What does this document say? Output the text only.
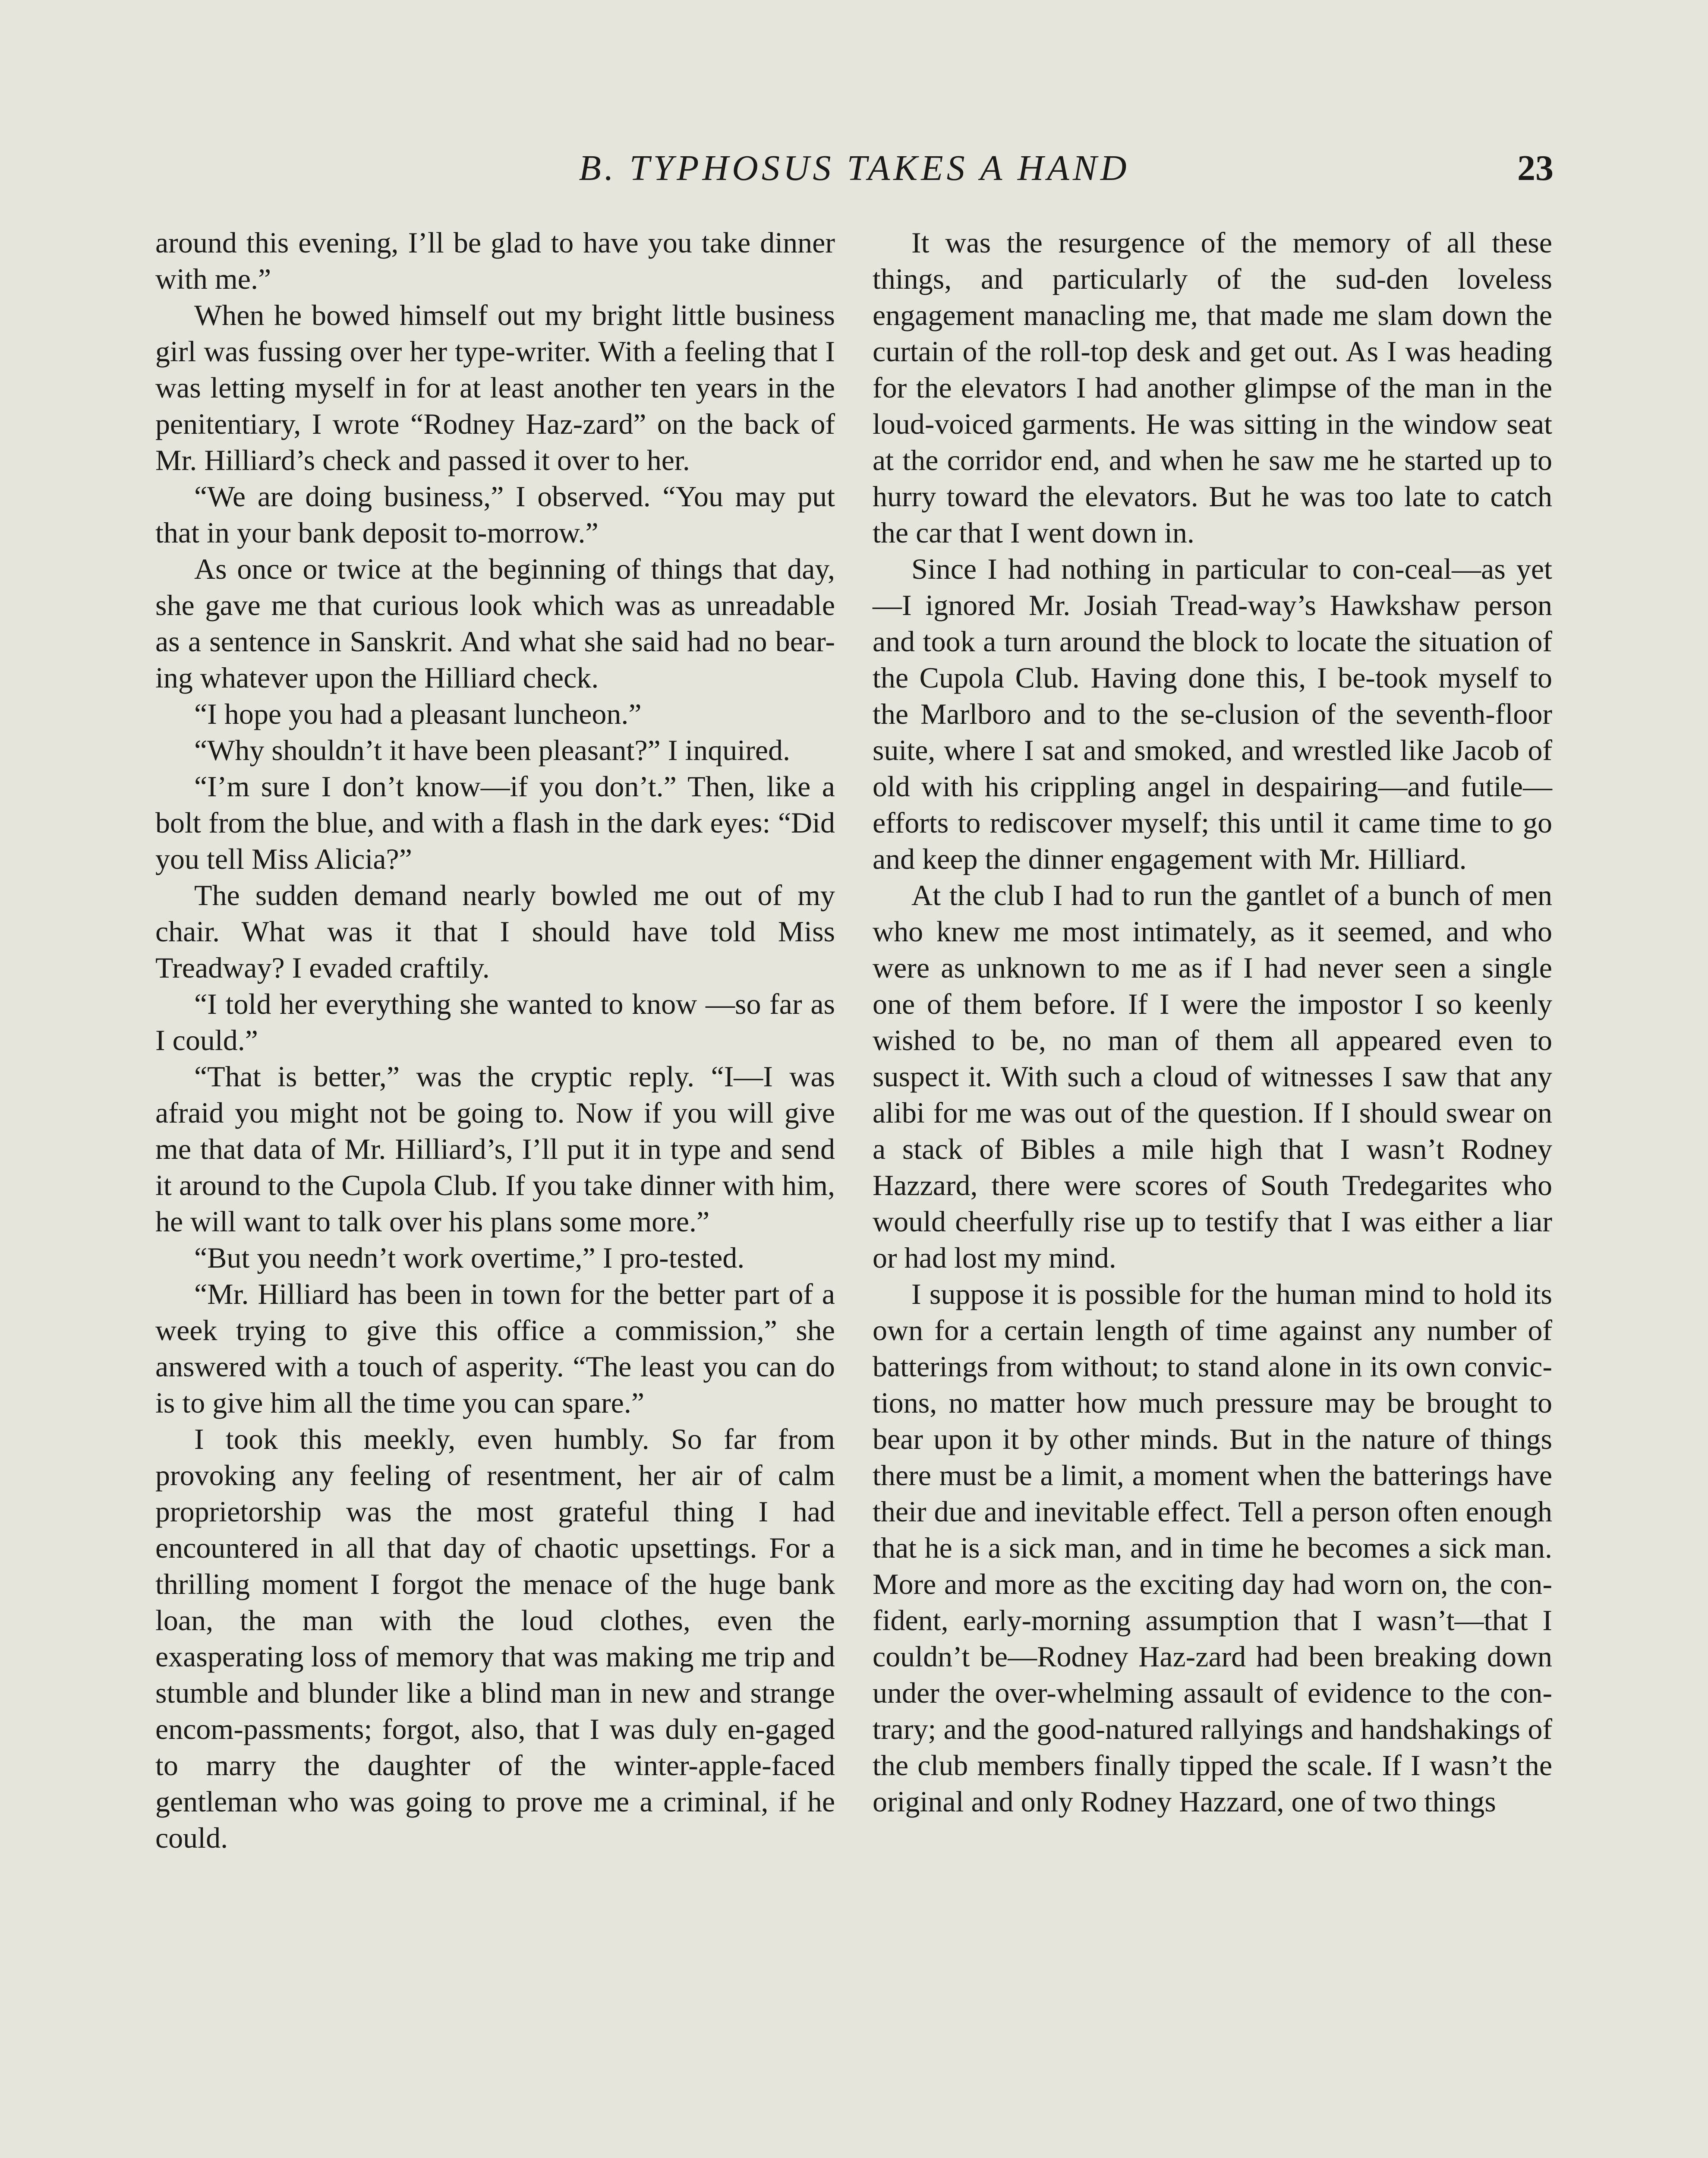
B. TYPHOSUS TAKES A HAND	23

around this evening, I’ll be glad to have you take dinner with me.”

When he bowed himself out my bright little business girl was fussing over her type-writer. With a feeling that I was letting myself in for at least another ten years in the penitentiary, I wrote “Rodney Haz-zard” on the back of Mr. Hilliard’s check and passed it over to her.

“We are doing business,” I observed. “You may put that in your bank deposit to-morrow.”

As once or twice at the beginning of things that day, she gave me that curious look which was as unreadable as a sentence in Sanskrit. And what she said had no bear-ing whatever upon the Hilliard check.

“I hope you had a pleasant luncheon.”

“Why shouldn’t it have been pleasant?” I inquired.

“I’m sure I don’t know—if you don’t.” Then, like a bolt from the blue, and with a flash in the dark eyes: “Did you tell Miss Alicia?”

The sudden demand nearly bowled me out of my chair. What was it that I should have told Miss Treadway? I evaded craftily.

“I told her everything she wanted to know —so far as I could.”

“That is better,” was the cryptic reply. “I—I was afraid you might not be going to. Now if you will give me that data of Mr. Hilliard’s, I’ll put it in type and send it around to the Cupola Club. If you take dinner with him, he will want to talk over his plans some more.”

“But you needn’t work overtime,” I pro-tested.

“Mr. Hilliard has been in town for the better part of a week trying to give this office a commission,” she answered with a touch of asperity. “The least you can do is to give him all the time you can spare.”

I took this meekly, even humbly. So far from provoking any feeling of resentment, her air of calm proprietorship was the most grateful thing I had encountered in all that day of chaotic upsettings. For a thrilling moment I forgot the menace of the huge bank loan, the man with the loud clothes, even the exasperating loss of memory that was making me trip and stumble and blunder like a blind man in new and strange encom-passments; forgot, also, that I was duly en-gaged to marry the daughter of the winter-apple-faced gentleman who was going to prove me a criminal, if he could.

It was the resurgence of the memory of all these things, and particularly of the sud-den loveless engagement manacling me, that made me slam down the curtain of the roll-top desk and get out. As I was heading for the elevators I had another glimpse of the man in the loud-voiced garments. He was sitting in the window seat at the corridor end, and when he saw me he started up to hurry toward the elevators. But he was too late to catch the car that I went down in.

Since I had nothing in particular to con-ceal—as yet—I ignored Mr. Josiah Tread-way’s Hawkshaw person and took a turn around the block to locate the situation of the Cupola Club. Having done this, I be-took myself to the Marlboro and to the se-clusion of the seventh-floor suite, where I sat and smoked, and wrestled like Jacob of old with his crippling angel in despairing—and futile—efforts to rediscover myself; this until it came time to go and keep the dinner engagement with Mr. Hilliard.

At the club I had to run the gantlet of a bunch of men who knew me most intimately, as it seemed, and who were as unknown to me as if I had never seen a single one of them before. If I were the impostor I so keenly wished to be, no man of them all appeared even to suspect it. With such a cloud of witnesses I saw that any alibi for me was out of the question. If I should swear on a stack of Bibles a mile high that I wasn’t Rodney Hazzard, there were scores of South Tredegarites who would cheerfully rise up to testify that I was either a liar or had lost my mind.

I suppose it is possible for the human mind to hold its own for a certain length of time against any number of batterings from without; to stand alone in its own convic-tions, no matter how much pressure may be brought to bear upon it by other minds. But in the nature of things there must be a limit, a moment when the batterings have their due and inevitable effect. Tell a person often enough that he is a sick man, and in time he becomes a sick man. More and more as the exciting day had worn on, the con-fident, early-morning assumption that I wasn’t—that I couldn’t be—Rodney Haz-zard had been breaking down under the over-whelming assault of evidence to the con-trary; and the good-natured rallyings and handshakings of the club members finally tipped the scale. If I wasn’t the original and only Rodney Hazzard, one of two things
